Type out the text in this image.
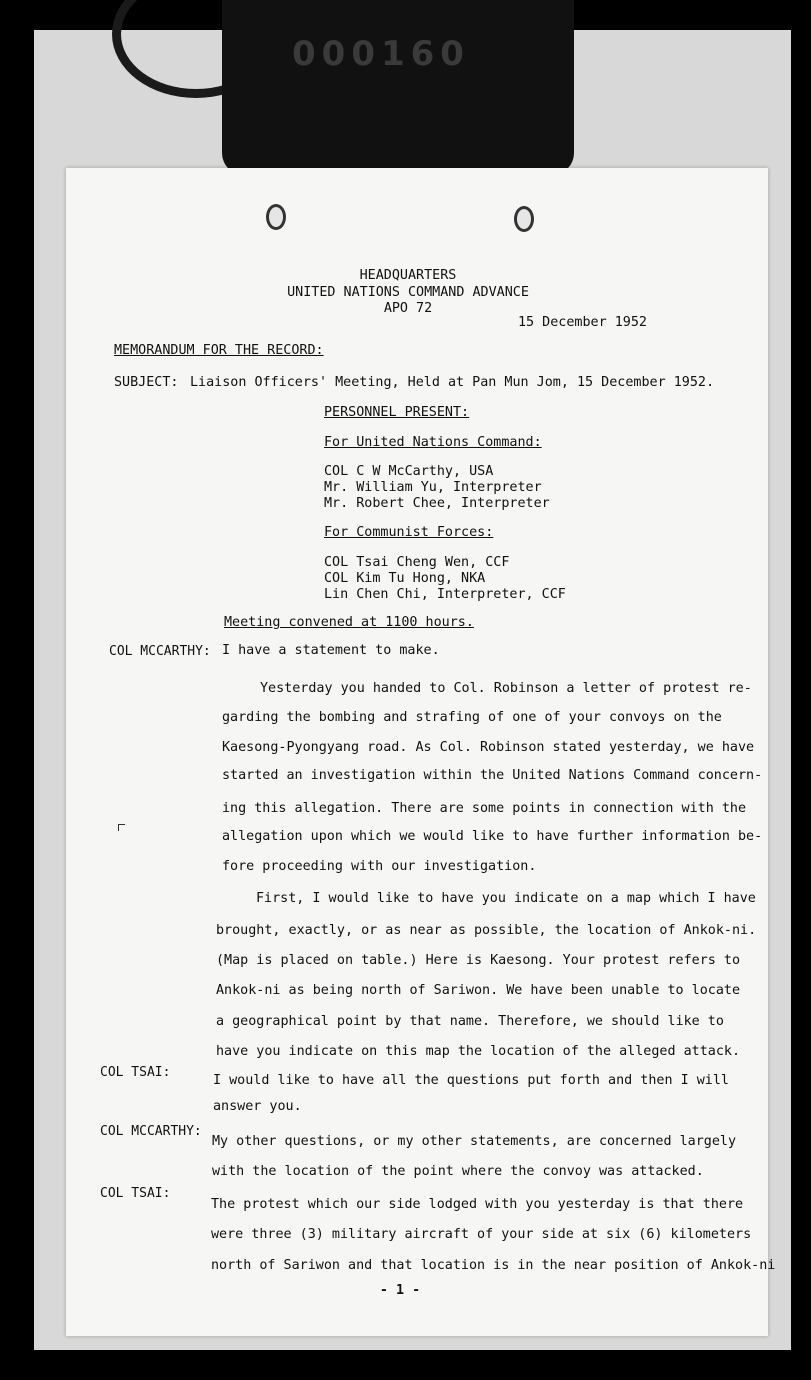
000160
HEADQUARTERS
UNITED NATIONS COMMAND ADVANCE
APO 72
15 December 1952
MEMORANDUM FOR THE RECORD:
SUBJECT: Liaison Officers' Meeting, Held at Pan Mun Jom, 15 December 1952.
PERSONNEL PRESENT:
For United Nations Command:
COL C W McCarthy, USA
Mr. William Yu, Interpreter
Mr. Robert Chee, Interpreter
For Communist Forces:
COL Tsai Cheng Wen, CCF
COL Kim Tu Hong, NKA
Lin Chen Chi, Interpreter, CCF
Meeting convened at 1100 hours.
COL MCCARTHY: I have a statement to make.
Yesterday you handed to Col. Robinson a letter of protest re-
garding the bombing and strafing of one of your convoys on the
Kaesong-Pyongyang road. As Col. Robinson stated yesterday, we have
started an investigation within the United Nations Command concern-
ing this allegation. There are some points in connection with the
allegation upon which we would like to have further information be-
fore proceeding with our investigation.
First, I would like to have you indicate on a map which I have
brought, exactly, or as near as possible, the location of Ankok-ni.
(Map is placed on table.) Here is Kaesong. Your protest refers to
Ankok-ni as being north of Sariwon. We have been unable to locate
a geographical point by that name. Therefore, we should like to
have you indicate on this map the location of the alleged attack.
COL TSAI:
I would like to have all the questions put forth and then I will
answer you.
COL MCCARTHY:
My other questions, or my other statements, are concerned largely
with the location of the point where the convoy was attacked.
COL TSAI:
The protest which our side lodged with you yesterday is that there
were three (3) military aircraft of your side at six (6) kilometers
north of Sariwon and that location is in the near position of Ankok-ni
- 1 -
